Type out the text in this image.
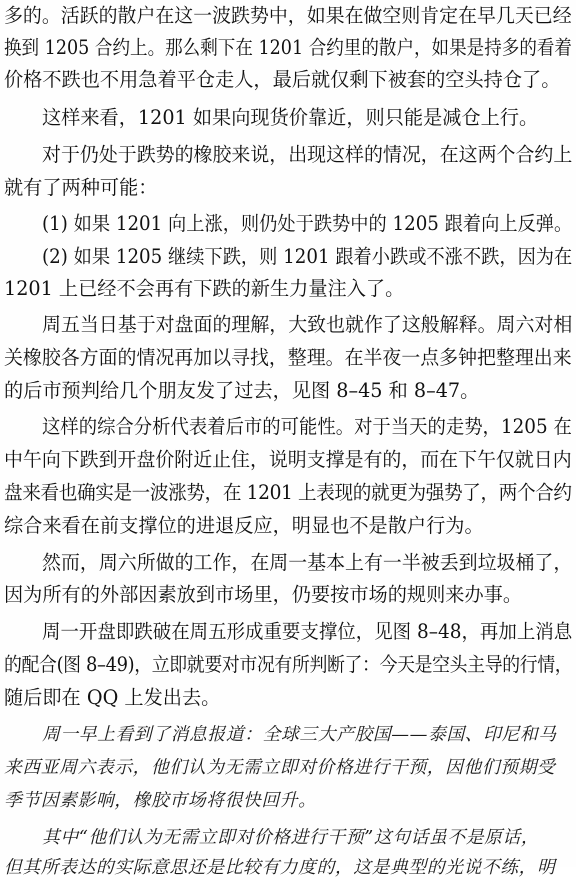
多的。活跃的散户在这一波跌势中，如果在做空则肯定在早几天已经
换到 1205 合约上。那么剩下在 1201 合约里的散户，如果是持多的看着
价格不跌也不用急着平仓走人，最后就仅剩下被套的空头持仓了。
这样来看，1201 如果向现货价靠近，则只能是减仓上行。
对于仍处于跌势的橡胶来说，出现这样的情况，在这两个合约上
就有了两种可能：
(1) 如果 1201 向上涨，则仍处于跌势中的 1205 跟着向上反弹。
(2) 如果 1205 继续下跌，则 1201 跟着小跌或不涨不跌，因为在
1201 上已经不会再有下跌的新生力量注入了。
周五当日基于对盘面的理解，大致也就作了这般解释。周六对相
关橡胶各方面的情况再加以寻找，整理。在半夜一点多钟把整理出来
的后市预判给几个朋友发了过去，见图 8–45 和 8–47。
这样的综合分析代表着后市的可能性。对于当天的走势，1205 在
中午向下跌到开盘价附近止住，说明支撑是有的，而在下午仅就日内
盘来看也确实是一波涨势，在 1201 上表现的就更为强势了，两个合约
综合来看在前支撑位的进退反应，明显也不是散户行为。
然而，周六所做的工作，在周一基本上有一半被丢到垃圾桶了，
因为所有的外部因素放到市场里，仍要按市场的规则来办事。
周一开盘即跌破在周五形成重要支撑位，见图 8–48，再加上消息
的配合(图 8–49)，立即就要对市况有所判断了：今天是空头主导的行情，
随后即在 QQ 上发出去。
周一早上看到了消息报道：全球三大产胶国——泰国、印尼和马
来西亚周六表示，他们认为无需立即对价格进行干预，因他们预期受
季节因素影响，橡胶市场将很快回升。
其中“他们认为无需立即对价格进行干预”这句话虽不是原话，
但其所表达的实际意思还是比较有力度的，这是典型的光说不练，明
